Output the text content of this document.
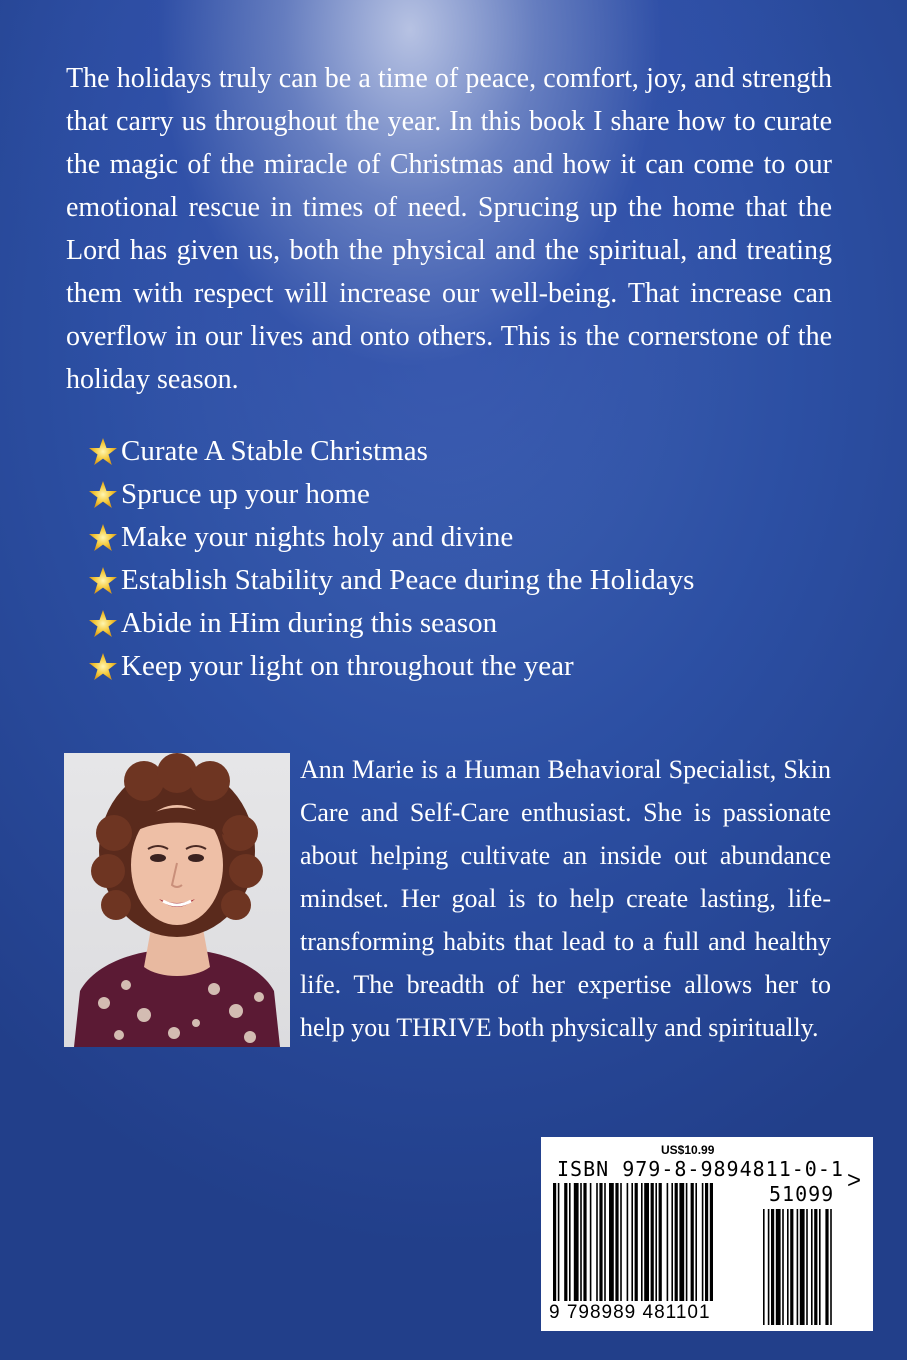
The holidays truly can be a time of peace, comfort, joy, and strength that carry us throughout the year. In this book I share how to curate the magic of the miracle of Christmas and how it can come to our emotional rescue in times of need. Sprucing up the home that the Lord has given us, both the physical and the spiritual, and treating them with respect will increase our well-being. That increase can overflow in our lives and onto others. This is the cornerstone of the holiday season.

Curate A Stable Christmas
Spruce up your home
Make your nights holy and divine
Establish Stability and Peace during the Holidays
Abide in Him during this season
Keep your light on throughout the year

Ann Marie is a Human Behavioral Specialist, Skin Care and Self-Care enthusiast. She is passionate about helping cultivate an inside out abundance mindset. Her goal is to help create lasting, life-transforming habits that lead to a full and healthy life. The breadth of her expertise allows her to help you THRIVE both physically and spiritually.

US$10.99
ISBN 979-8-9894811-0-1
51099 >
9 798989 481101
